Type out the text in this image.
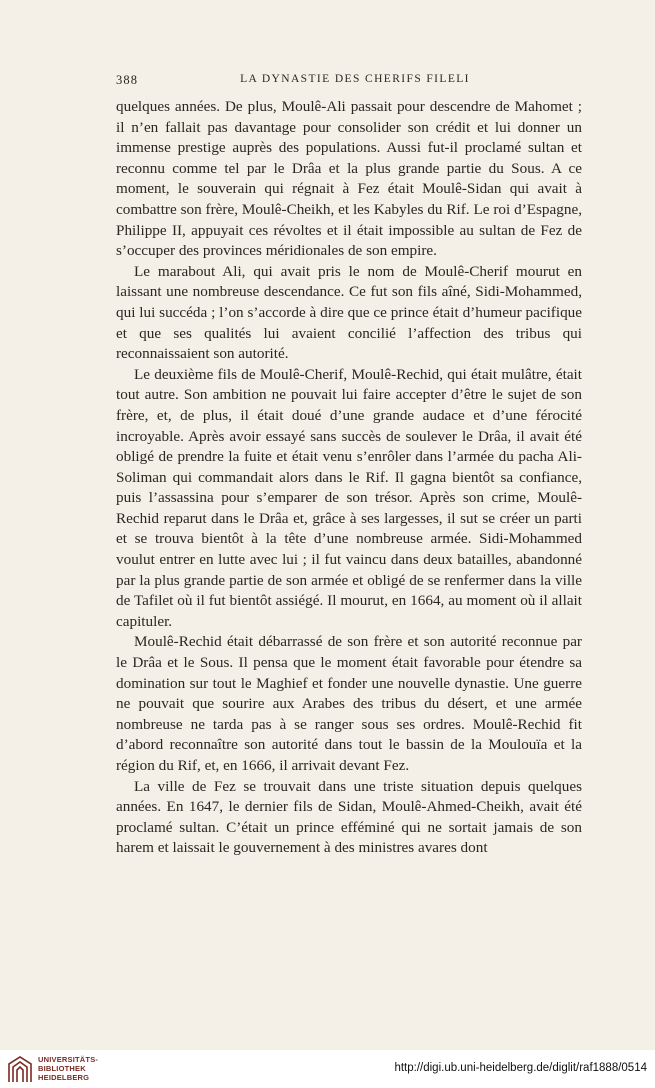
388	LA DYNASTIE DES CHERIFS FILELI

quelques années. De plus, Moulê-Ali passait pour descendre de Mahomet ; il n’en fallait pas davantage pour consolider son crédit et lui donner un immense prestige auprès des populations. Aussi fut-il proclamé sultan et reconnu comme tel par le Drâa et la plus grande partie du Sous. A ce moment, le souverain qui régnait à Fez était Moulê-Sidan qui avait à combattre son frère, Moulê-Cheikh, et les Kabyles du Rif. Le roi d’Espagne, Philippe II, appuyait ces révoltes et il était impossible au sultan de Fez de s’occuper des provinces méridionales de son empire.

Le marabout Ali, qui avait pris le nom de Moulê-Cherif mourut en laissant une nombreuse descendance. Ce fut son fils aîné, Sidi-Mohammed, qui lui succéda ; l’on s’accorde à dire que ce prince était d’humeur pacifique et que ses qualités lui avaient concilié l’affection des tribus qui reconnaissaient son autorité.

Le deuxième fils de Moulê-Cherif, Moulê-Rechid, qui était mulâtre, était tout autre. Son ambition ne pouvait lui faire accepter d’être le sujet de son frère, et, de plus, il était doué d’une grande audace et d’une férocité incroyable. Après avoir essayé sans succès de soulever le Drâa, il avait été obligé de prendre la fuite et était venu s’enrôler dans l’armée du pacha Ali-Soliman qui commandait alors dans le Rif. Il gagna bientôt sa confiance, puis l’assassina pour s’emparer de son trésor. Après son crime, Moulê-Rechid reparut dans le Drâa et, grâce à ses largesses, il sut se créer un parti et se trouva bientôt à la tête d’une nombreuse armée. Sidi-Mohammed voulut entrer en lutte avec lui ; il fut vaincu dans deux batailles, abandonné par la plus grande partie de son armée et obligé de se renfermer dans la ville de Tafilet où il fut bientôt assiégé. Il mourut, en 1664, au moment où il allait capituler.

Moulê-Rechid était débarrassé de son frère et son autorité reconnue par le Drâa et le Sous. Il pensa que le moment était favorable pour étendre sa domination sur tout le Maghief et fonder une nouvelle dynastie. Une guerre ne pouvait que sourire aux Arabes des tribus du désert, et une armée nombreuse ne tarda pas à se ranger sous ses ordres. Moulê-Rechid fit d’abord reconnaître son autorité dans tout le bassin de la Moulouïa et la région du Rif, et, en 1666, il arrivait devant Fez.

La ville de Fez se trouvait dans une triste situation depuis quelques années. En 1647, le dernier fils de Sidan, Moulê-Ahmed-Cheikh, avait été proclamé sultan. C’était un prince efféminé qui ne sortait jamais de son harem et laissait le gouvernement à des ministres avares dont

UNIVERSITÄTS-
BIBLIOTHEK
HEIDELBERG
http://digi.ub.uni-heidelberg.de/diglit/raf1888/0514
